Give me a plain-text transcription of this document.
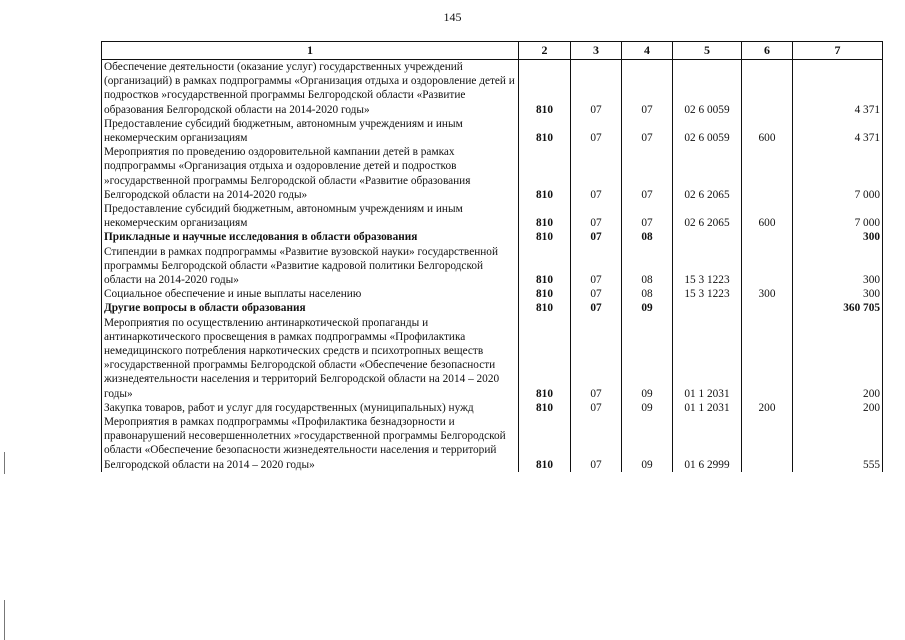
145
1	2	3	4	5	6	7
Обеспечение деятельности (оказание услуг) государственных учреждений (организаций) в рамках подпрограммы «Организация отдыха и оздоровление детей и подростков »государственной программы Белгородской области «Развитие образования Белгородской области на 2014-2020 годы»	810	07	07	02 6 0059		4 371
Предоставление субсидий бюджетным, автономным учреждениям и иным некомерческим организациям	810	07	07	02 6 0059	600	4 371
Мероприятия по проведению оздоровительной кампании детей в рамках подпрограммы «Организация отдыха и оздоровление детей и подростков »государственной программы Белгородской области «Развитие образования Белгородской области на 2014-2020 годы»	810	07	07	02 6 2065		7 000
Предоставление субсидий бюджетным, автономным учреждениям и иным некомерческим организациям	810	07	07	02 6 2065	600	7 000
Прикладные и научные исследования в области образования	810	07	08			300
Стипендии в рамках подпрограммы «Развитие вузовской науки» государственной программы Белгородской области «Развитие кадровой политики Белгородской области на 2014-2020 годы»	810	07	08	15 3 1223		300
Социальное обеспечение и иные выплаты населению	810	07	08	15 3 1223	300	300
Другие вопросы в области образования	810	07	09			360 705
Мероприятия по осуществлению антинаркотической пропаганды и антинаркотического просвещения в рамках подпрограммы «Профилактика немедицинского потребления наркотических средств и психотропных веществ »государственной программы Белгородской области «Обеспечение безопасности жизнедеятельности населения и территорий Белгородской области на 2014 – 2020 годы»	810	07	09	01 1 2031		200
Закупка товаров, работ и услуг для государственных (муниципальных) нужд	810	07	09	01 1 2031	200	200
Мероприятия в рамках подпрограммы «Профилактика безнадзорности и правонарушений несовершеннолетних »государственной программы Белгородской области «Обеспечение безопасности жизнедеятельности населения и территорий Белгородской области на 2014 – 2020 годы»	810	07	09	01 6 2999		555
